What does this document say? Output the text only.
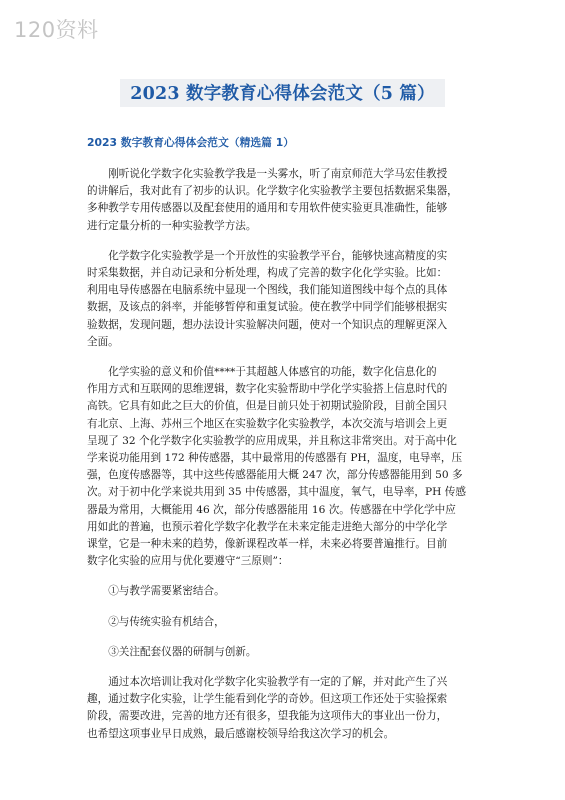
120资料
2023 数字教育心得体会范文（5 篇）
2023 数字教育心得体会范文（精选篇 1）
刚听说化学数字化实验教学我是一头雾水，听了南京师范大学马宏佳教授
的讲解后，我对此有了初步的认识。化学数字化实验教学主要包括数据采集器，
多种教学专用传感器以及配套使用的通用和专用软件使实验更具准确性，能够
进行定量分析的一种实验教学方法。
化学数字化实验教学是一个开放性的实验教学平台，能够快速高精度的实
时采集数据，并自动记录和分析处理，构成了完善的数字化化学实验。比如：
利用电导传感器在电脑系统中显现一个图线，我们能知道图线中每个点的具体
数据，及该点的斜率，并能够暂停和重复试验。使在教学中同学们能够根据实
验数据，发现问题，想办法设计实验解决问题，使对一个知识点的理解更深入
全面。
化学实验的意义和价值****于其超越人体感官的功能，数字化信息化的
作用方式和互联网的思维逻辑，数字化实验帮助中学化学实验搭上信息时代的
高铁。它具有如此之巨大的价值，但是目前只处于初期试验阶段，目前全国只
有北京、上海、苏州三个地区在实验数字化实验教学，本次交流与培训会上更
呈现了 32 个化学数字化实验教学的应用成果，并且称这非常突出。对于高中化
学来说功能用到 172 种传感器，其中最常用的传感器有 PH，温度，电导率，压
强，色度传感器等，其中这些传感器能用大概 247 次，部分传感器能用到 50 多
次。对于初中化学来说共用到 35 中传感器，其中温度，氧气，电导率，PH 传感
器最为常用，大概能用 46 次，部分传感器能用 16 次。传感器在中学化学中应
用如此的普遍，也预示着化学数字化教学在未来定能走进绝大部分的中学化学
课堂，它是一种未来的趋势，像新课程改革一样，未来必将要普遍推行。目前
数字化实验的应用与优化要遵守“三原则”：
①与教学需要紧密结合。
②与传统实验有机结合，
③关注配套仪器的研制与创新。
通过本次培训让我对化学数字化实验教学有一定的了解，并对此产生了兴
趣，通过数字化实验，让学生能看到化学的奇妙。但这项工作还处于实验探索
阶段，需要改进，完善的地方还有很多，望我能为这项伟大的事业出一份力，
也希望这项事业早日成熟，最后感谢校领导给我这次学习的机会。
